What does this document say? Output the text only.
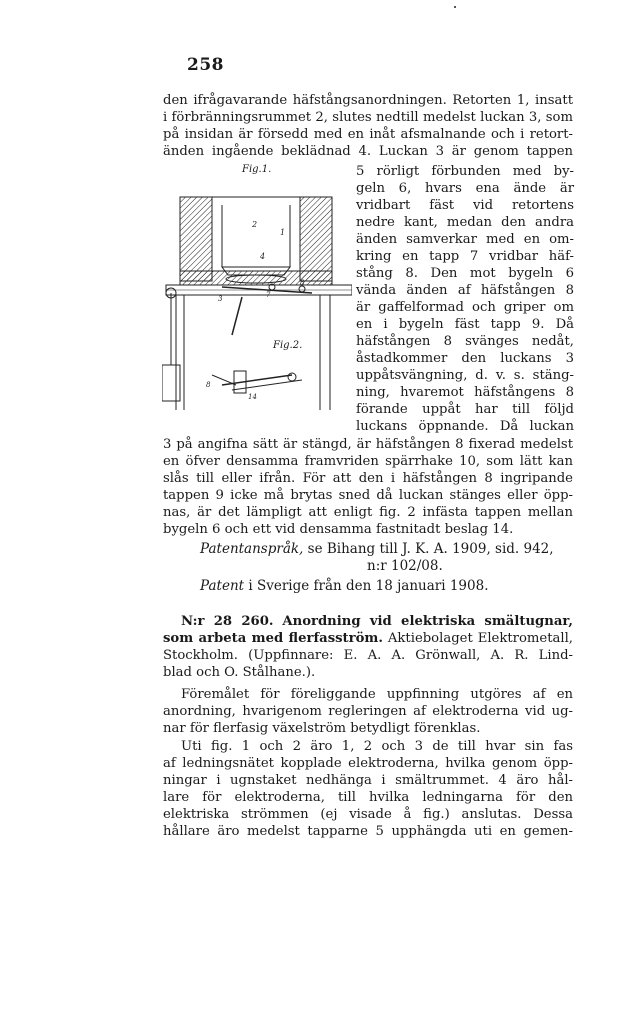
258
den ifrågavarande häfstångsanordningen. Retorten 1, insatt
i förbränningsrummet 2, slutes nedtill medelst luckan 3, som
på insidan är försedd med en inåt afsmalnande och i retort-
änden ingående beklädnad 4. Luckan 3 är genom tappen
Fig.1.
Fig.2.
2
1
4
8
7
3
8
14
5 rörligt förbunden med by-
geln 6, hvars ena ände är
vridbart fäst vid retortens
nedre kant, medan den andra
änden samverkar med en om-
kring en tapp 7 vridbar häf-
stång 8. Den mot bygeln 6
vända änden af häfstången 8
är gaffelformad och griper om
en i bygeln fäst tapp 9. Då
häfstången 8 svänges nedåt,
åstadkommer den luckans 3
uppåtsvängning, d. v. s. stäng-
ning, hvaremot häfstångens 8
förande uppåt har till följd
luckans öppnande. Då luckan
3 på angifna sätt är stängd, är häfstången 8 fixerad medelst
en öfver densamma framvriden spärrhake 10, som lätt kan
slås till eller ifrån. För att den i häfstången 8 ingripande
tappen 9 icke må brytas sned då luckan stänges eller öpp-
nas, är det lämpligt att enligt fig. 2 infästa tappen mellan
bygeln 6 och ett vid densamma fastnitadt beslag 14.
Patentanspråk, se Bihang till J. K. A. 1909, sid. 942,
n:r 102/08.
Patent i Sverige från den 18 januari 1908.
N:r 28 260. Anordning vid elektriska smältugnar,
som arbeta med flerfasström. Aktiebolaget Elektrometall,
Stockholm. (Uppfinnare: E. A. A. Grönwall, A. R. Lind-
blad och O. Stålhane.).
Föremålet för föreliggande uppfinning utgöres af en
anordning, hvarigenom regleringen af elektroderna vid ug-
nar för flerfasig växelström betydligt förenklas.
Uti fig. 1 och 2 äro 1, 2 och 3 de till hvar sin fas
af ledningsnätet kopplade elektroderna, hvilka genom öpp-
ningar i ugnstaket nedhänga i smältrummet. 4 äro hål-
lare för elektroderna, till hvilka ledningarna för den
elektriska strömmen (ej visade å fig.) anslutas. Dessa
hållare äro medelst tapparne 5 upphängda uti en gemen-
